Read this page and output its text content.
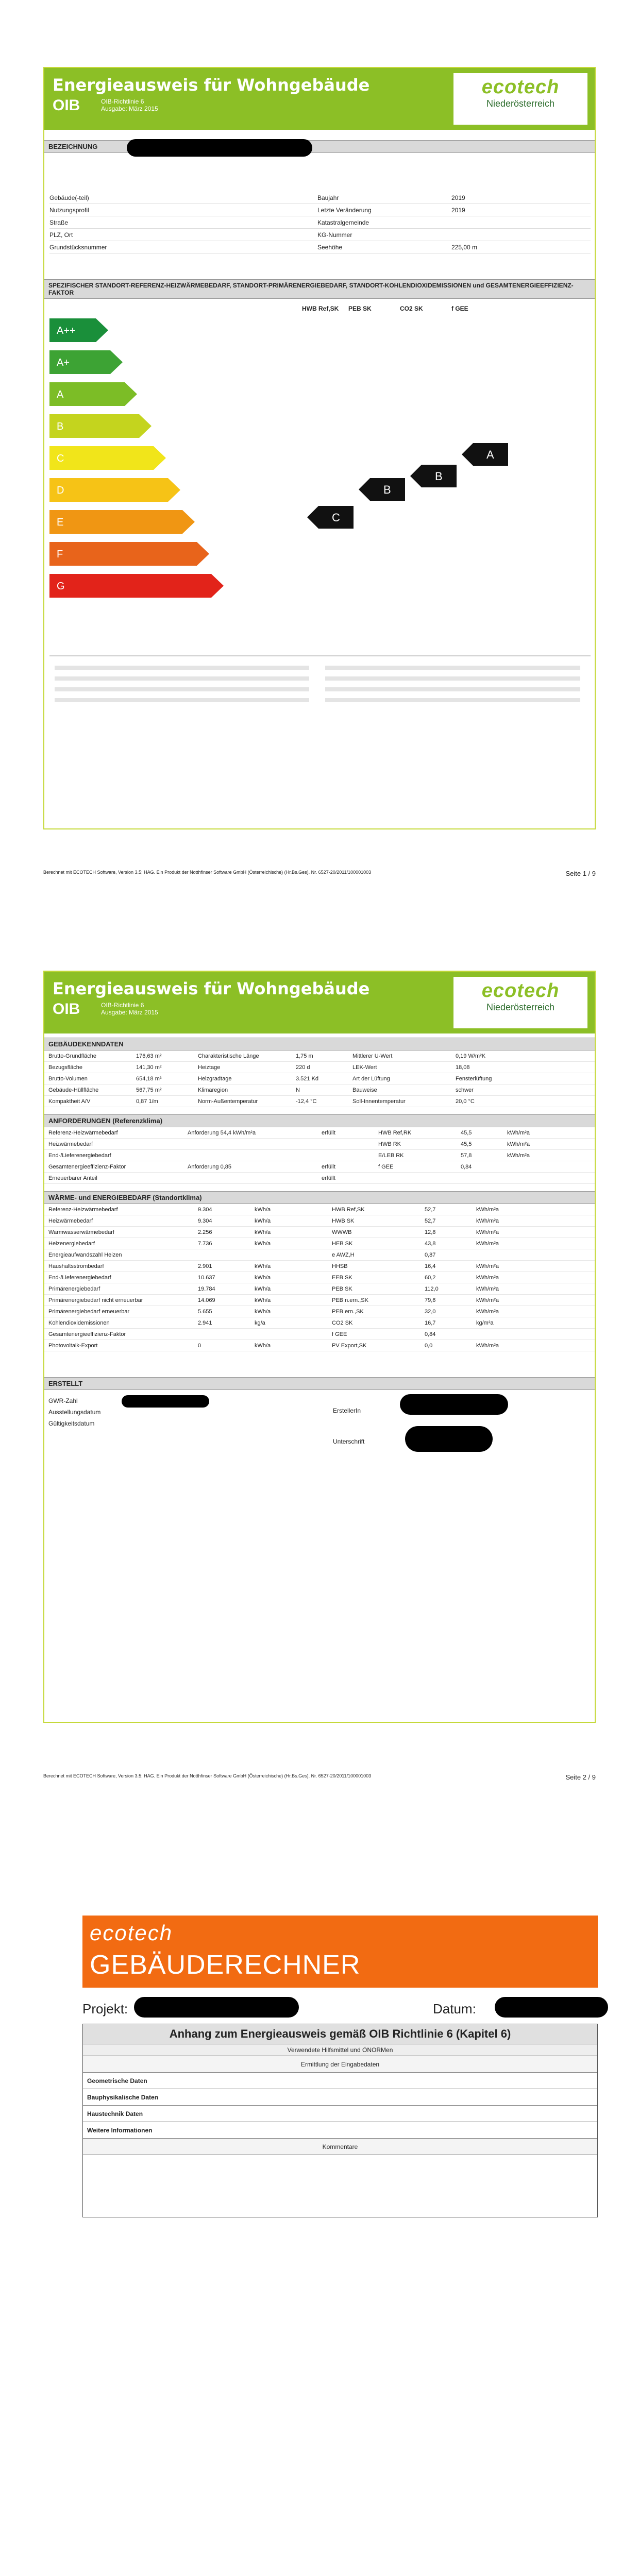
Energieausweis für Wohngebäude
OIB	OIB-Richtlinie 6
Ausgabe: März 2015
ecotech
Niederösterreich
BEZEICHNUNG
Gebäude(-teil)	Baujahr	2019
Nutzungsprofil	Letzte Veränderung	2019
Straße	Katastralgemeinde
PLZ, Ort	KG-Nummer
Grundstücksnummer	Seehöhe	225,00 m
SPEZIFISCHER STANDORT-REFERENZ-HEIZWÄRMEBEDARF, STANDORT-PRIMÄRENERGIEBEDARF, STANDORT-KOHLENDIOXIDEMISSIONEN und GESAMTENERGIEEFFIZIENZ-FAKTOR
HWB Ref,SK PEB SK	CO2 SK	f GEE
A++
A+
A
B
C
D
E
F
G
C
B
B
A

Berechnet mit ECOTECH Software, Version 3.5; HAG. Ein Produkt der Notthfinser Software GmbH (Österreichische) (Hr.Bs.Ges). Nr. 6527-20/2011/100001003	Seite 1 / 9
Energieausweis für Wohngebäude
OIB	OIB-Richtlinie 6
Ausgabe: März 2015
ecotech
Niederösterreich
GEBÄUDEKENNDATEN
Brutto-Grundfläche	176,63 m²	Charakteristische Länge	1,75 m	Mittlerer U-Wert	0,19 W/m²K
Bezugsfläche	141,30 m²	Heiztage	220 d	LEK-Wert	18,08
Brutto-Volumen	654,18 m³	Heizgradtage	3.521 Kd	Art der Lüftung	Fensterlüftung
Gebäude-Hüllfläche	567,75 m²	Klimaregion	N	Bauweise	schwer
Kompaktheit A/V	0,87 1/m	Norm-Außentemperatur	-12,4 °C	Soll-Innentemperatur	20,0 °C
ANFORDERUNGEN (Referenzklima)
Referenz-Heizwärmebedarf	Anforderung 54,4 kWh/m²a	erfüllt	HWB Ref,RK	45,5	kWh/m²a
Heizwärmebedarf	HWB RK	45,5	kWh/m²a
End-/Lieferenergiebedarf	E/LEB RK	57,8	kWh/m²a
Gesamtenergieeffizienz-Faktor	Anforderung 0,85	erfüllt	f GEE	0,84
Erneuerbarer Anteil	erfüllt
WÄRME- und ENERGIEBEDARF (Standortklima)
Referenz-Heizwärmebedarf	9.304	kWh/a	HWB Ref,SK	52,7	kWh/m²a
Heizwärmebedarf	9.304	kWh/a	HWB SK	52,7	kWh/m²a
Warmwasserwärmebedarf	2.256	kWh/a	WWWB	12,8	kWh/m²a
Heizenergiebedarf	7.736	kWh/a	HEB SK	43,8	kWh/m²a
Energieaufwandszahl Heizen	e AWZ,H	0,87
Haushaltsstrombedarf	2.901	kWh/a	HHSB	16,4	kWh/m²a
End-/Lieferenergiebedarf	10.637	kWh/a	EEB SK	60,2	kWh/m²a
Primärenergiebedarf	19.784	kWh/a	PEB SK	112,0	kWh/m²a
Primärenergiebedarf nicht erneuerbar	14.069	kWh/a	PEB n.ern.,SK	79,6	kWh/m²a
Primärenergiebedarf erneuerbar	5.655	kWh/a	PEB ern.,SK	32,0	kWh/m²a
Kohlendioxidemissionen	2.941	kg/a	CO2 SK	16,7	kg/m²a
Gesamtenergieeffizienz-Faktor	f GEE	0,84
Photovoltaik-Export	0	kWh/a	PV Export,SK	0,0	kWh/m²a
ERSTELLT
GWR-Zahl
Ausstellungsdatum
Gültigkeitsdatum
ErstellerIn
Unterschrift
Berechnet mit ECOTECH Software, Version 3.5; HAG. Ein Produkt der Notthfinser Software GmbH (Österreichische) (Hr.Bs.Ges). Nr. 6527-20/2011/100001003	Seite 2 / 9
ecotech
GEBÄUDERECHNER
Projekt:	Datum:
Anhang zum Energieausweis gemäß OIB Richtlinie 6 (Kapitel 6)
Verwendete Hilfsmittel und ÖNORMen
Ermittlung der Eingabedaten
Geometrische Daten
Bauphysikalische Daten
Haustechnik Daten
Weitere Informationen
Kommentare
